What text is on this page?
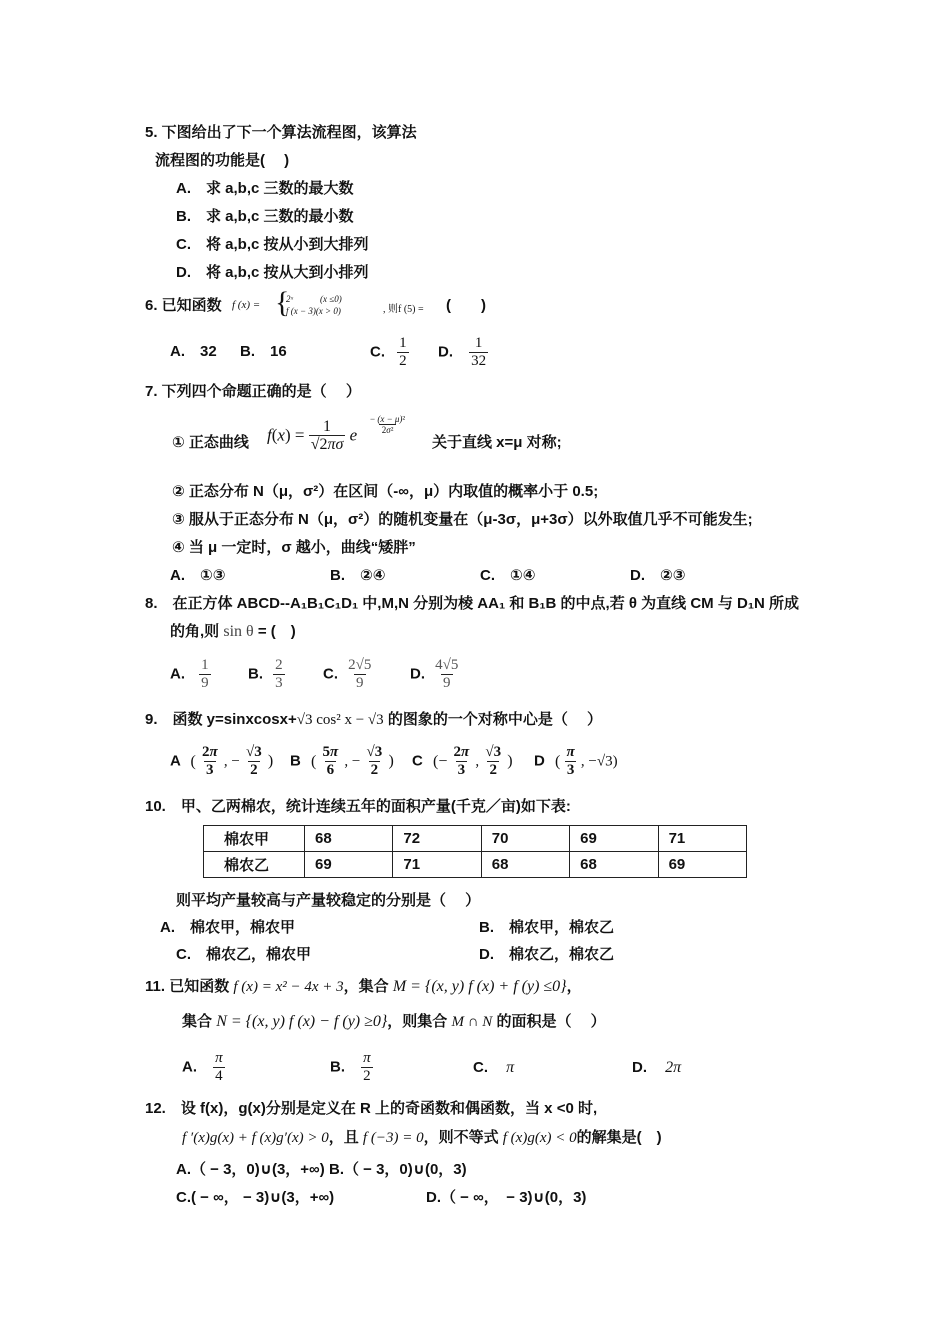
5. 下图给出了下一个算法流程图，该算法
流程图的功能是(　 )
A.　求 a,b,c 三数的最大数
B.　求 a,b,c 三数的最小数
C.　将 a,b,c 按从小到大排列
D.　将 a,b,c 按从大到小排列
6. 已知函数 f (x) = {
2ˣ　　　(x ≤0)
f (x − 3)(x > 0)	, 则f (5) = (　　)
A.　32 B.　16	C. $\frac{1}{2} D$. $\frac{1}{32}$
7. 下列四个命题正确的是（　 ）
① 正态曲线 $f(x) = \frac{1}{√2\pi\sigma}$ e $\frac{\text{− (x − μ)²}}{\text{2σ²}}$
关于直线 x=μ 对称;
② 正态分布 N（μ，σ²）在区间（-∞，μ）内取值的概率小于 0.5;
③ 服从于正态分布 N（μ，σ²）的随机变量在（μ-3σ，μ+3σ）以外取值几乎不可能发生;
④ 当 μ 一定时，σ 越小，曲线“矮胖”
A.　①③	B.　②④	C.　①④	D.　②③
8.　在正方体 ABCD--A₁B₁C₁D₁ 中,M,N 分别为棱 AA₁ 和 B₁B 的中点,若 θ 为直线 CM 与 D₁N 所成
的角,则 sin θ = (　)
A. $\frac{1}{9} B$. $\frac{2}{3}$	C. $\frac{2√5}{9} D$. $\frac{4√5}{9}$
9.　函数 y=sinxcosx+√3 cos² x − √3 的图象的一个对称中心是（　 ）
A ( $\frac{2\pi}{3}$ , − $\frac{√3}{2}$ ) B ( $\frac{5\pi}{6}$ , − $\frac{√3}{2}$ ) C (− $\frac{2\pi}{3}$ , $\frac{√3}{2}$ ) D ( $\frac{\pi}{3}$ , −√3)
10.　甲、乙两棉农，统计连续五年的面积产量(千克／亩)如下表:
棉农甲	68	72	70	69	71
棉农乙	69	71	68	68	69
则平均产量较高与产量较稳定的分别是（　 ）
A.　棉农甲，棉农甲	B.　棉农甲，棉农乙
C.　棉农乙，棉农甲	D.　棉农乙，棉农乙
11. 已知函数 f (x) = x² − 4x + 3，集合 M = {(x, y) f (x) + f (y) ≤0}，
集合 N = {(x, y) f (x) − f (y) ≥0}，则集合 M ∩ N 的面积是（　 ）
A. $\frac{\pi}{4}$	B. $\frac{\pi}{2}$	C. π	D. 2π
12.　设 f(x)，g(x)分别是定义在 R 上的奇函数和偶函数，当 x <0 时,
f ′(x)g(x) + f (x)g′(x) > 0，且 f (−3) = 0，则不等式 f (x)g(x) < 0的解集是(　)
A.（ − 3，0)∪(3，+∞) B.（ − 3，0)∪(0，3)
C.( − ∞， − 3)∪(3，+∞)	D.（ − ∞，　− 3)∪(0，3)
